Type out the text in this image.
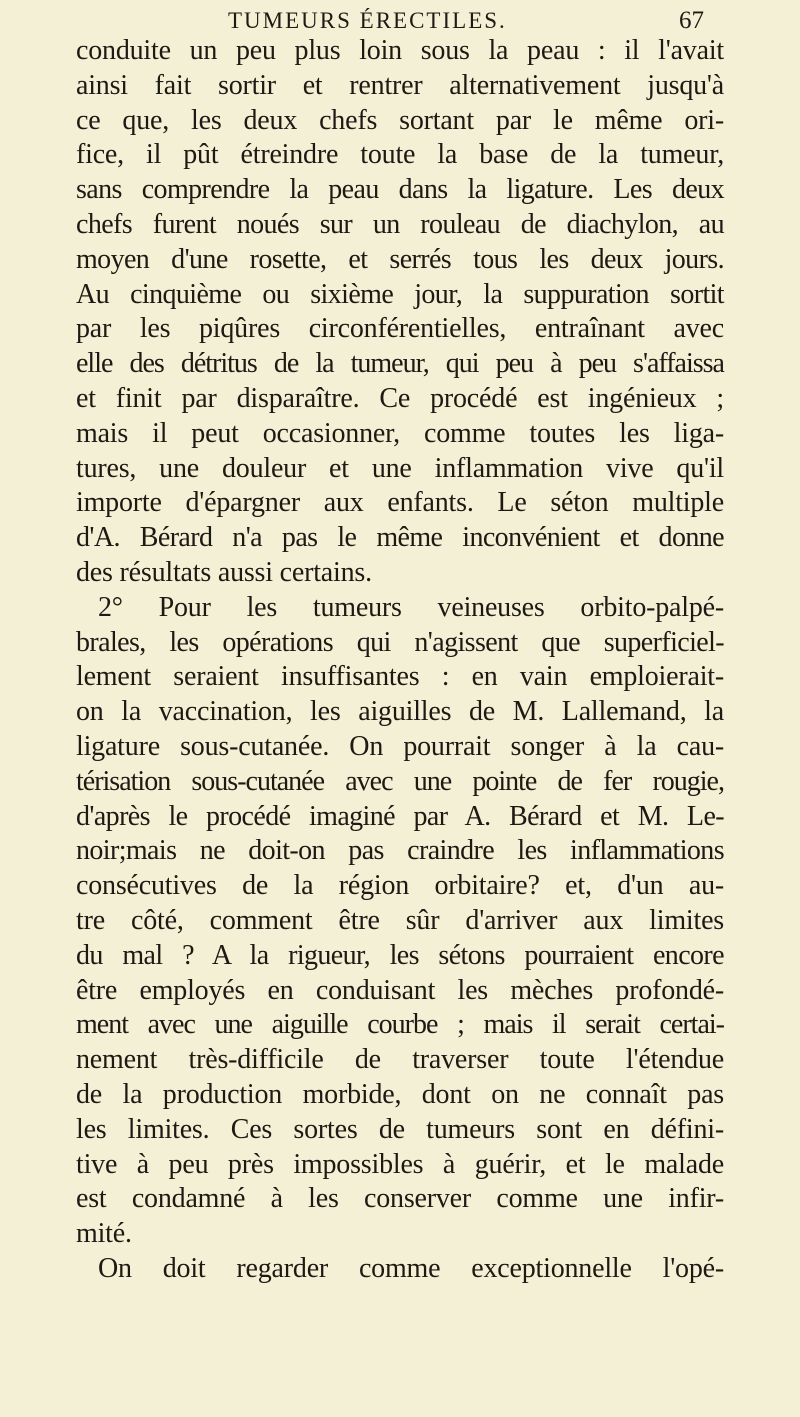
TUMEURS ÉRECTILES.	67
conduite un peu plus loin sous la peau : il l'avait
ainsi fait sortir et rentrer alternativement jusqu'à
ce que, les deux chefs sortant par le même ori-
fice, il pût étreindre toute la base de la tumeur,
sans comprendre la peau dans la ligature. Les deux
chefs furent noués sur un rouleau de diachylon, au
moyen d'une rosette, et serrés tous les deux jours.
Au cinquième ou sixième jour, la suppuration sortit
par les piqûres circonférentielles, entraînant avec
elle des détritus de la tumeur, qui peu à peu s'affaissa
et finit par disparaître. Ce procédé est ingénieux ;
mais il peut occasionner, comme toutes les liga-
tures, une douleur et une inflammation vive qu'il
importe d'épargner aux enfants. Le séton multiple
d'A. Bérard n'a pas le même inconvénient et donne
des résultats aussi certains.
2° Pour les tumeurs veineuses orbito-palpé-
brales, les opérations qui n'agissent que superficiel-
lement seraient insuffisantes : en vain emploierait-
on la vaccination, les aiguilles de M. Lallemand, la
ligature sous-cutanée. On pourrait songer à la cau-
térisation sous-cutanée avec une pointe de fer rougie,
d'après le procédé imaginé par A. Bérard et M. Le-
noir;mais ne doit-on pas craindre les inflammations
consécutives de la région orbitaire? et, d'un au-
tre côté, comment être sûr d'arriver aux limites
du mal ? A la rigueur, les sétons pourraient encore
être employés en conduisant les mèches profondé-
ment avec une aiguille courbe ; mais il serait certai-
nement très-difficile de traverser toute l'étendue
de la production morbide, dont on ne connaît pas
les limites. Ces sortes de tumeurs sont en défini-
tive à peu près impossibles à guérir, et le malade
est condamné à les conserver comme une infir-
mité.
On doit regarder comme exceptionnelle l'opé-
